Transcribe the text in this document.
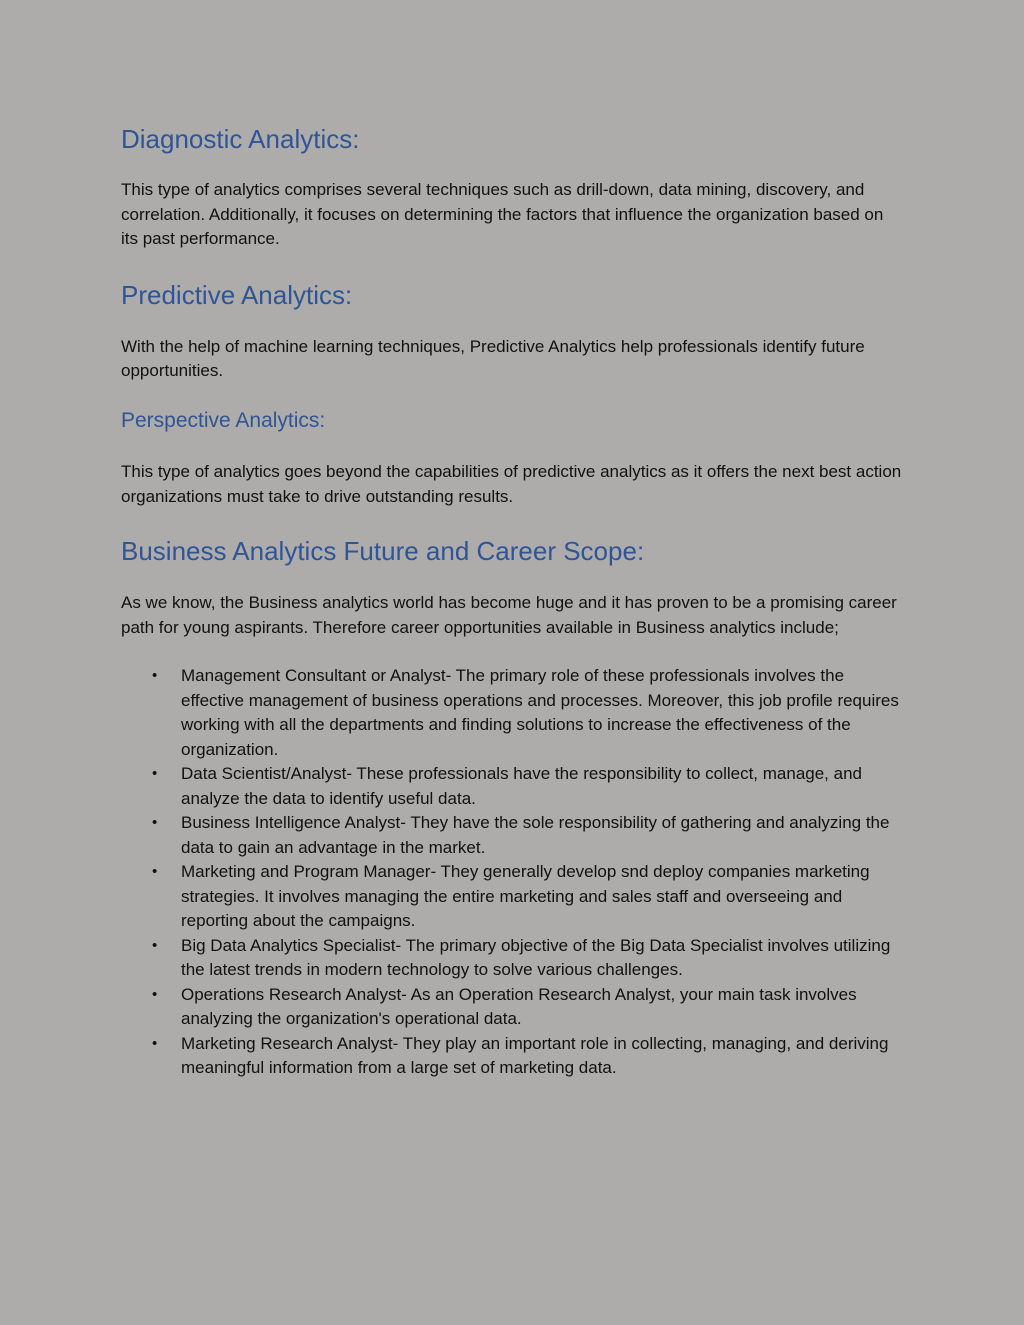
Diagnostic Analytics:

This type of analytics comprises several techniques such as drill-down, data mining, discovery, and correlation. Additionally, it focuses on determining the factors that influence the organization based on its past performance.

Predictive Analytics:

With the help of machine learning techniques, Predictive Analytics help professionals identify future opportunities.

Perspective Analytics:

This type of analytics goes beyond the capabilities of predictive analytics as it offers the next best action organizations must take to drive outstanding results.

Business Analytics Future and Career Scope:

As we know, the Business analytics world has become huge and it has proven to be a promising career path for young aspirants. Therefore career opportunities available in Business analytics include;

• Management Consultant or Analyst- The primary role of these professionals involves the effective management of business operations and processes. Moreover, this job profile requires working with all the departments and finding solutions to increase the effectiveness of the organization.
• Data Scientist/Analyst- These professionals have the responsibility to collect, manage, and analyze the data to identify useful data.
• Business Intelligence Analyst- They have the sole responsibility of gathering and analyzing the data to gain an advantage in the market.
• Marketing and Program Manager- They generally develop snd deploy companies marketing strategies. It involves managing the entire marketing and sales staff and overseeing and reporting about the campaigns.
• Big Data Analytics Specialist- The primary objective of the Big Data Specialist involves utilizing the latest trends in modern technology to solve various challenges.
• Operations Research Analyst- As an Operation Research Analyst, your main task involves analyzing the organization's operational data.
• Marketing Research Analyst- They play an important role in collecting, managing, and deriving meaningful information from a large set of marketing data.
